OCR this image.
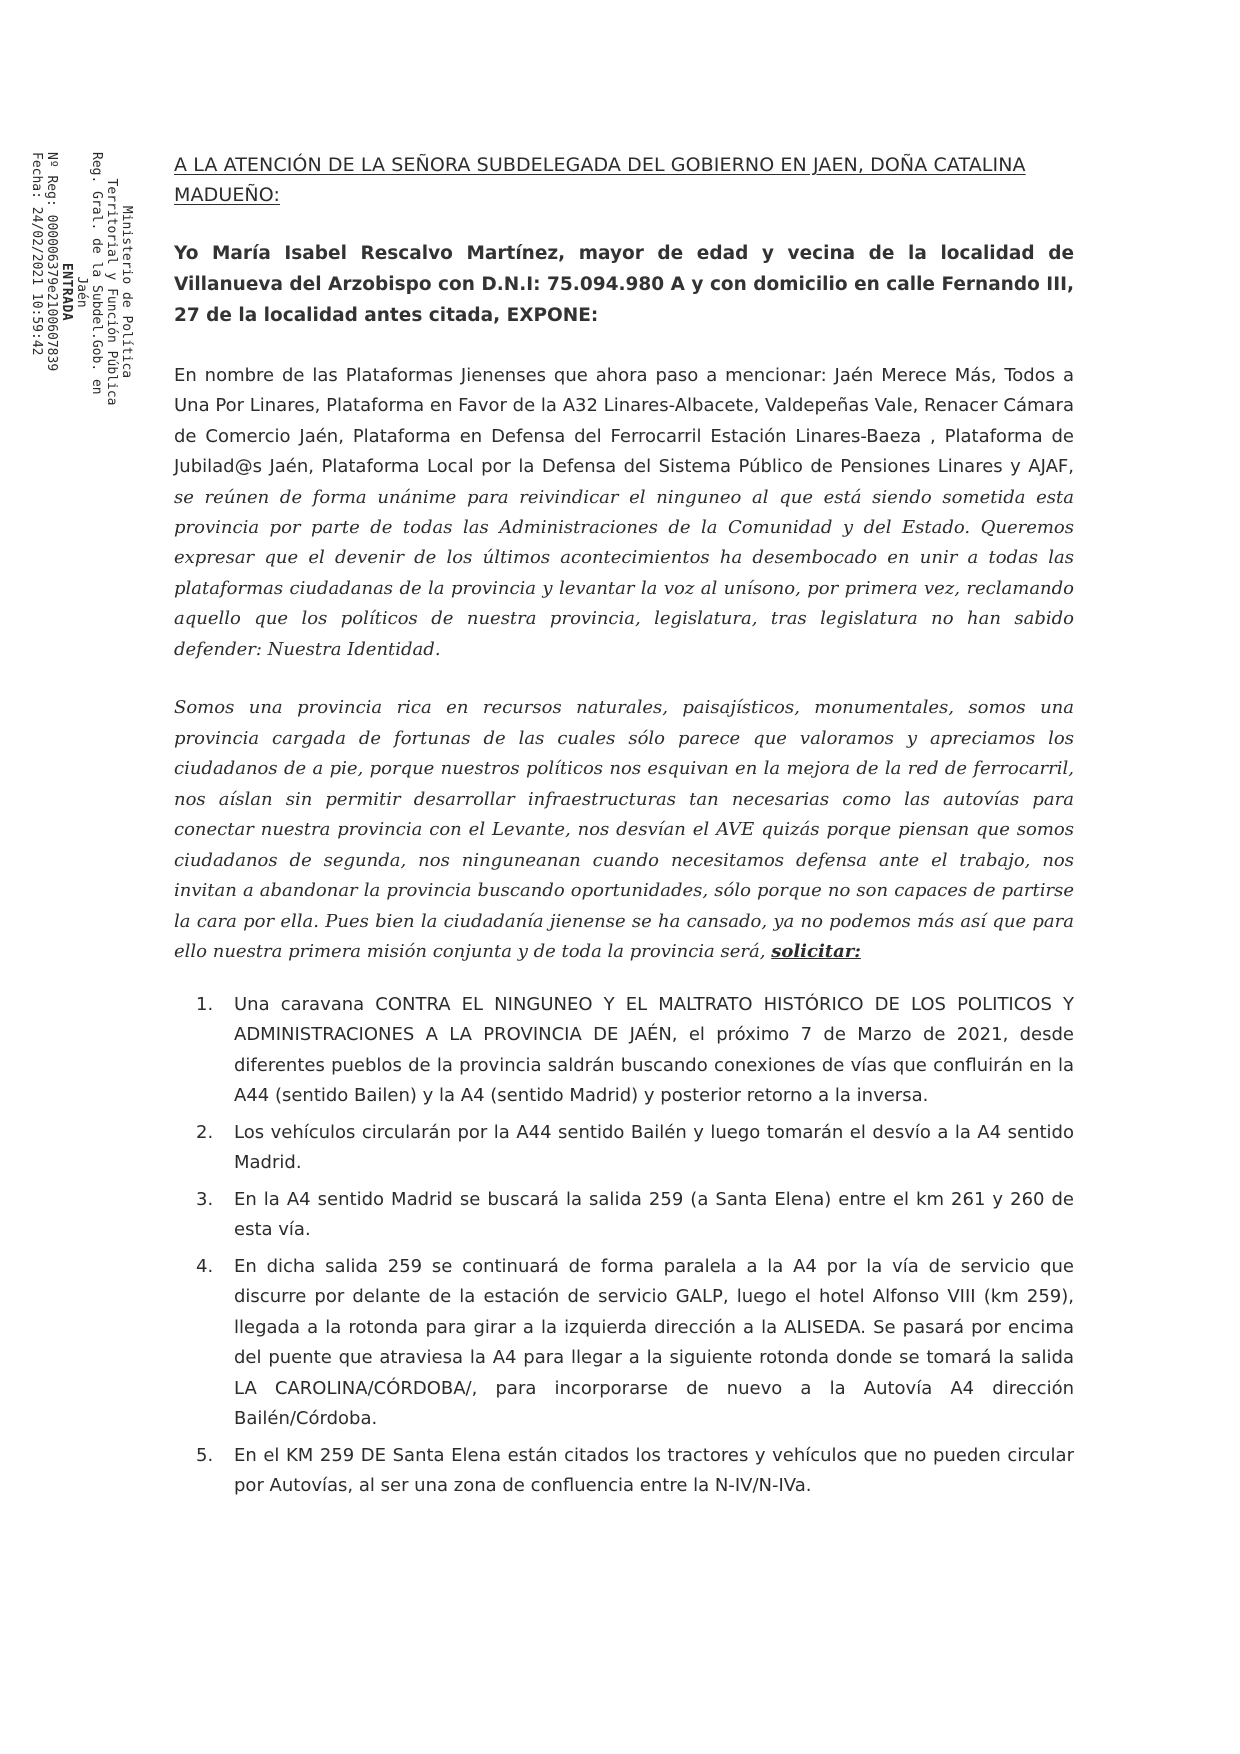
Ministerio de Política
Territorial y Función Pública
Reg. Gral. de la Subdel.Gob. en
Jaén
ENTRADA
Nº Reg: 000006379e2100607839
Fecha: 24/02/2021 10:59:42	A LA ATENCIÓN DE LA SEÑORA SUBDELEGADA DEL GOBIERNO EN JAEN, DOÑA CATALINA MADUEÑO:

Yo María Isabel Rescalvo Martínez, mayor de edad y vecina de la localidad de Villanueva del Arzobispo con D.N.I: 75.094.980 A y con domicilio en calle Fernando III, 27 de la localidad antes citada, EXPONE:

En nombre de las Plataformas Jienenses que ahora paso a mencionar: Jaén Merece Más, Todos a Una Por Linares, Plataforma en Favor de la A32 Linares-Albacete, Valdepeñas Vale, Renacer Cámara de Comercio Jaén, Plataforma en Defensa del Ferrocarril Estación Linares-Baeza , Plataforma de Jubilad@s Jaén, Plataforma Local por la Defensa del Sistema Público de Pensiones Linares y AJAF, se reúnen de forma unánime para reivindicar el ninguneo al que está siendo sometida esta provincia por parte de todas las Administraciones de la Comunidad y del Estado. Queremos expresar que el devenir de los últimos acontecimientos ha desembocado en unir a todas las plataformas ciudadanas de la provincia y levantar la voz al unísono, por primera vez, reclamando aquello que los políticos de nuestra provincia, legislatura, tras legislatura no han sabido defender: Nuestra Identidad.

Somos una provincia rica en recursos naturales, paisajísticos, monumentales, somos una provincia cargada de fortunas de las cuales sólo parece que valoramos y apreciamos los ciudadanos de a pie, porque nuestros políticos nos esquivan en la mejora de la red de ferrocarril, nos aíslan sin permitir desarrollar infraestructuras tan necesarias como las autovías para conectar nuestra provincia con el Levante, nos desvían el AVE quizás porque piensan que somos ciudadanos de segunda, nos ninguneanan cuando necesitamos defensa ante el trabajo, nos invitan a abandonar la provincia buscando oportunidades, sólo porque no son capaces de partirse la cara por ella. Pues bien la ciudadanía jienense se ha cansado, ya no podemos más así que para ello nuestra primera misión conjunta y de toda la provincia será, solicitar:

1. Una caravana CONTRA EL NINGUNEO Y EL MALTRATO HISTÓRICO DE LOS POLITICOS Y ADMINISTRACIONES A LA PROVINCIA DE JAÉN, el próximo 7 de Marzo de 2021, desde diferentes pueblos de la provincia saldrán buscando conexiones de vías que confluirán en la A44 (sentido Bailen) y la A4 (sentido Madrid) y posterior retorno a la inversa.
2. Los vehículos circularán por la A44 sentido Bailén y luego tomarán el desvío a la A4 sentido Madrid.
3. En la A4 sentido Madrid se buscará la salida 259 (a Santa Elena) entre el km 261 y 260 de esta vía.
4. En dicha salida 259 se continuará de forma paralela a la A4 por la vía de servicio que discurre por delante de la estación de servicio GALP, luego el hotel Alfonso VIII (km 259), llegada a la rotonda para girar a la izquierda dirección a la ALISEDA. Se pasará por encima del puente que atraviesa la A4 para llegar a la siguiente rotonda donde se tomará la salida LA CAROLINA/CÓRDOBA/, para incorporarse de nuevo a la Autovía A4 dirección Bailén/Córdoba.
5. En el KM 259 DE Santa Elena están citados los tractores y vehículos que no pueden circular por Autovías, al ser una zona de confluencia entre la N-IV/N-IVa.
